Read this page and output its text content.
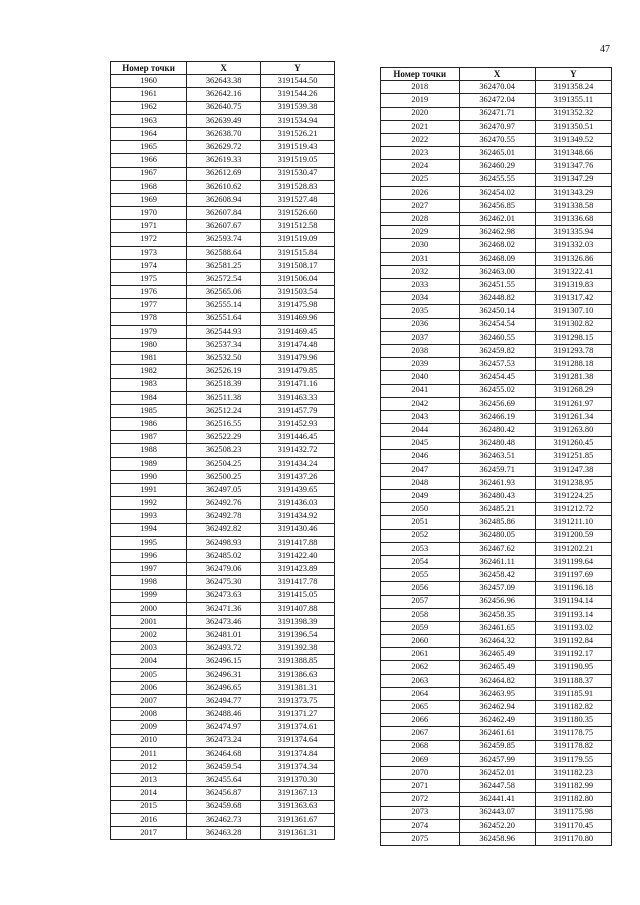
47
Номер точки	X	Y
1960	362643.38	3191544.50
1961	362642.16	3191544.26
1962	362640.75	3191539.38
1963	362639.49	3191534.94
1964	362638.70	3191526.21
1965	362629.72	3191519.43
1966	362619.33	3191519.05
1967	362612.69	3191530.47
1968	362610.62	3191528.83
1969	362608.94	3191527.48
1970	362607.84	3191526.60
1971	362607.67	3191512.58
1972	362593.74	3191519.09
1973	362588.64	3191515.84
1974	362581.25	3191508.17
1975	362572.54	3191506.04
1976	362565.06	3191503.54
1977	362555.14	3191475.98
1978	362551.64	3191469.96
1979	362544.93	3191469.45
1980	362537.34	3191474.48
1981	362532.50	3191479.96
1982	362526.19	3191479.85
1983	362518.39	3191471.16
1984	362511.38	3191463.33
1985	362512.24	3191457.79
1986	362516.55	3191452.93
1987	362522.29	3191446.45
1988	362508.23	3191432.72
1989	362504.25	3191434.24
1990	362500.25	3191437.26
1991	362497.05	3191439.65
1992	362492.76	3191436.03
1993	362492.78	3191434.92
1994	362492.82	3191430.46
1995	362498.93	3191417.88
1996	362485.02	3191422.40
1997	362479.06	3191423.89
1998	362475.30	3191417.78
1999	362473.63	3191415.05
2000	362471.36	3191407.88
2001	362473.46	3191398.39
2002	362481.01	3191396.54
2003	362493.72	3191392.38
2004	362496.15	3191388.85
2005	362496.31	3191386.63
2006	362496.65	3191381.31
2007	362494.77	3191373.75
2008	362488.46	3191371.27
2009	362474.97	3191374.61
2010	362473.24	3191374.64
2011	362464.68	3191374.84
2012	362459.54	3191374.34
2013	362455.64	3191370.30
2014	362456.87	3191367.13
2015	362459.68	3191363.63
2016	362462.73	3191361.67
2017	362463.28	3191361.31
Номер точки	X	Y
2018	362470.04	3191358.24
2019	362472.04	3191355.11
2020	362471.71	3191352.32
2021	362470.97	3191350.51
2022	362470.55	3191349.52
2023	362465.01	3191348.66
2024	362460.29	3191347.76
2025	362455.55	3191347.29
2026	362454.02	3191343.29
2027	362456.85	3191338.58
2028	362462.01	3191336.68
2029	362462.98	3191335.94
2030	362468.02	3191332.03
2031	362468.09	3191326.86
2032	362463.00	3191322.41
2033	362451.55	3191319.83
2034	362448.82	3191317.42
2035	362450.14	3191307.10
2036	362454.54	3191302.82
2037	362460.55	3191298.15
2038	362459.82	3191293.78
2039	362457.53	3191288.18
2040	362454.45	3191281.38
2041	362455.02	3191268.29
2042	362456.69	3191261.97
2043	362466.19	3191261.34
2044	362480.42	3191263.80
2045	362480.48	3191260.45
2046	362463.51	3191251.85
2047	362459.71	3191247.38
2048	362461.93	3191238.95
2049	362480.43	3191224.25
2050	362485.21	3191212.72
2051	362485.86	3191211.10
2052	362480.05	3191200.59
2053	362467.62	3191202.21
2054	362461.11	3191199.64
2055	362458.42	3191197.69
2056	362457.09	3191196.18
2057	362456.96	3191194.14
2058	362458.35	3191193.14
2059	362461.65	3191193.02
2060	362464.32	3191192.84
2061	362465.49	3191192.17
2062	362465.49	3191190.95
2063	362464.82	3191188.37
2064	362463.95	3191185.91
2065	362462.94	3191182.82
2066	362462.49	3191180.35
2067	362461.61	3191178.75
2068	362459.85	3191178.82
2069	362457.99	3191179.55
2070	362452.01	3191182.23
2071	362447.58	3191182.99
2072	362441.41	3191182.80
2073	362443.07	3191175.98
2074	362452.20	3191170.45
2075	362458.96	3191170.80
